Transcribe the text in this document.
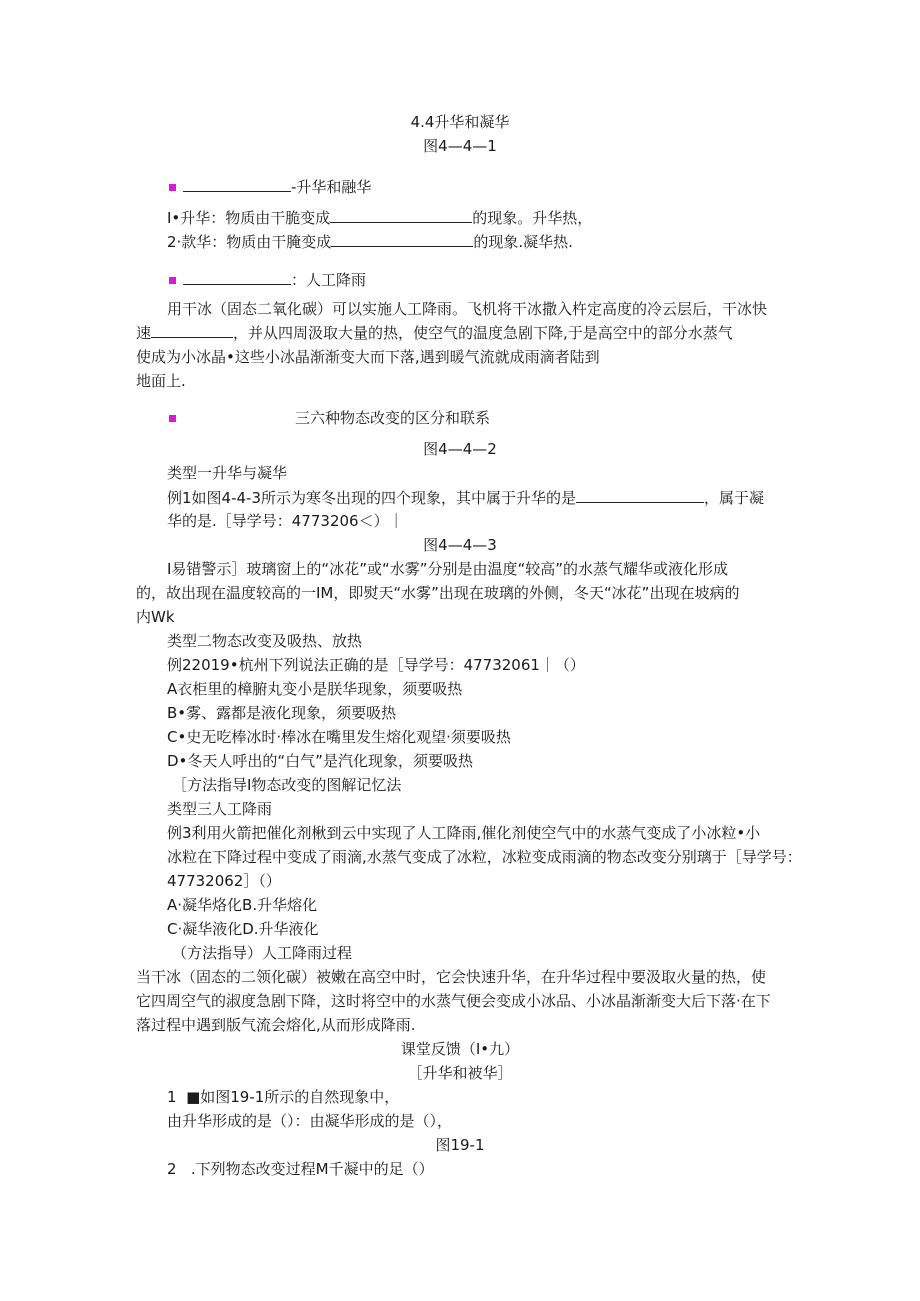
4.4升华和凝华
图4—4—1
-升华和融华
I•升华：物质由干脆变成	的现象。升华热，
2·款华：物质由干腌变成	的现象.凝华热.
：人工降雨
用干冰（固态二氧化碳）可以实施人工降雨。飞机将干冰撒入杵定高度的冷云层后，干冰快
速	，并从四周汲取大量的热，使空气的温度急剧下降,于是高空中的部分水蒸气
使成为小冰晶•这些小冰晶渐渐变大而下落,遇到暖气流就成雨滴者陆到
地面上.
三六种物态改变的区分和联系
图4—4—2
类型一升华与凝华
例1如图4-4-3所示为寒冬出现的四个现象，其中属于升华的是	，属于凝
华的是.［导学号：4773206＜）｜
图4—4—3
I易错警示］玻璃窗上的“冰花”或“水雾”分别是由温度“较高”的水蒸气耀华或液化形成
的，故出现在温度较高的一IM，即熨天“水雾”出现在玻璃的外侧，冬天“冰花”出现在坡病的
内Wk
类型二物态改变及吸热、放热
例22019•杭州下列说法正确的是［导学号：47732061｜（）
A衣柜里的樟腑丸变小是朕华现象，须要吸热
B•雾、露都是液化现象，须要吸热
C•史无吃棒冰时·棒冰在嘴里发生熔化观望·须要吸热
D•冬天人呼出的“白气”是汽化现象，须要吸热
［方法指导I物态改变的图解记忆法
类型三人工降雨
例3利用火箭把催化剂楸到云中实现了人工降雨,催化剂使空气中的水蒸气变成了小冰粒•小
冰粒在下降过程中变成了雨滴,水蒸气变成了冰粒，冰粒变成雨滴的物态改变分别璃于［导学号：
47732062］（）
A·凝华烙化B.升华熔化
C·凝华液化D.升华液化
（方法指导）人工降雨过程
当干冰（固态的二领化碳）被嫩在高空中时，它会快速升华，在升华过程中要汲取火量的热，使
它四周空气的淑度急剧下降，这时将空中的水蒸气便会变成小冰品、小冰晶渐渐变大后下落·在下
落过程中遇到版气流会熔化,从而形成降雨.
课堂反馈（I•九）
［升华和被华］
1 ■如图19-1所示的自然现象中，
由升华形成的是（）：由凝华形成的是（），
图19-1
2 .下列物态改变过程M千凝中的足（）
